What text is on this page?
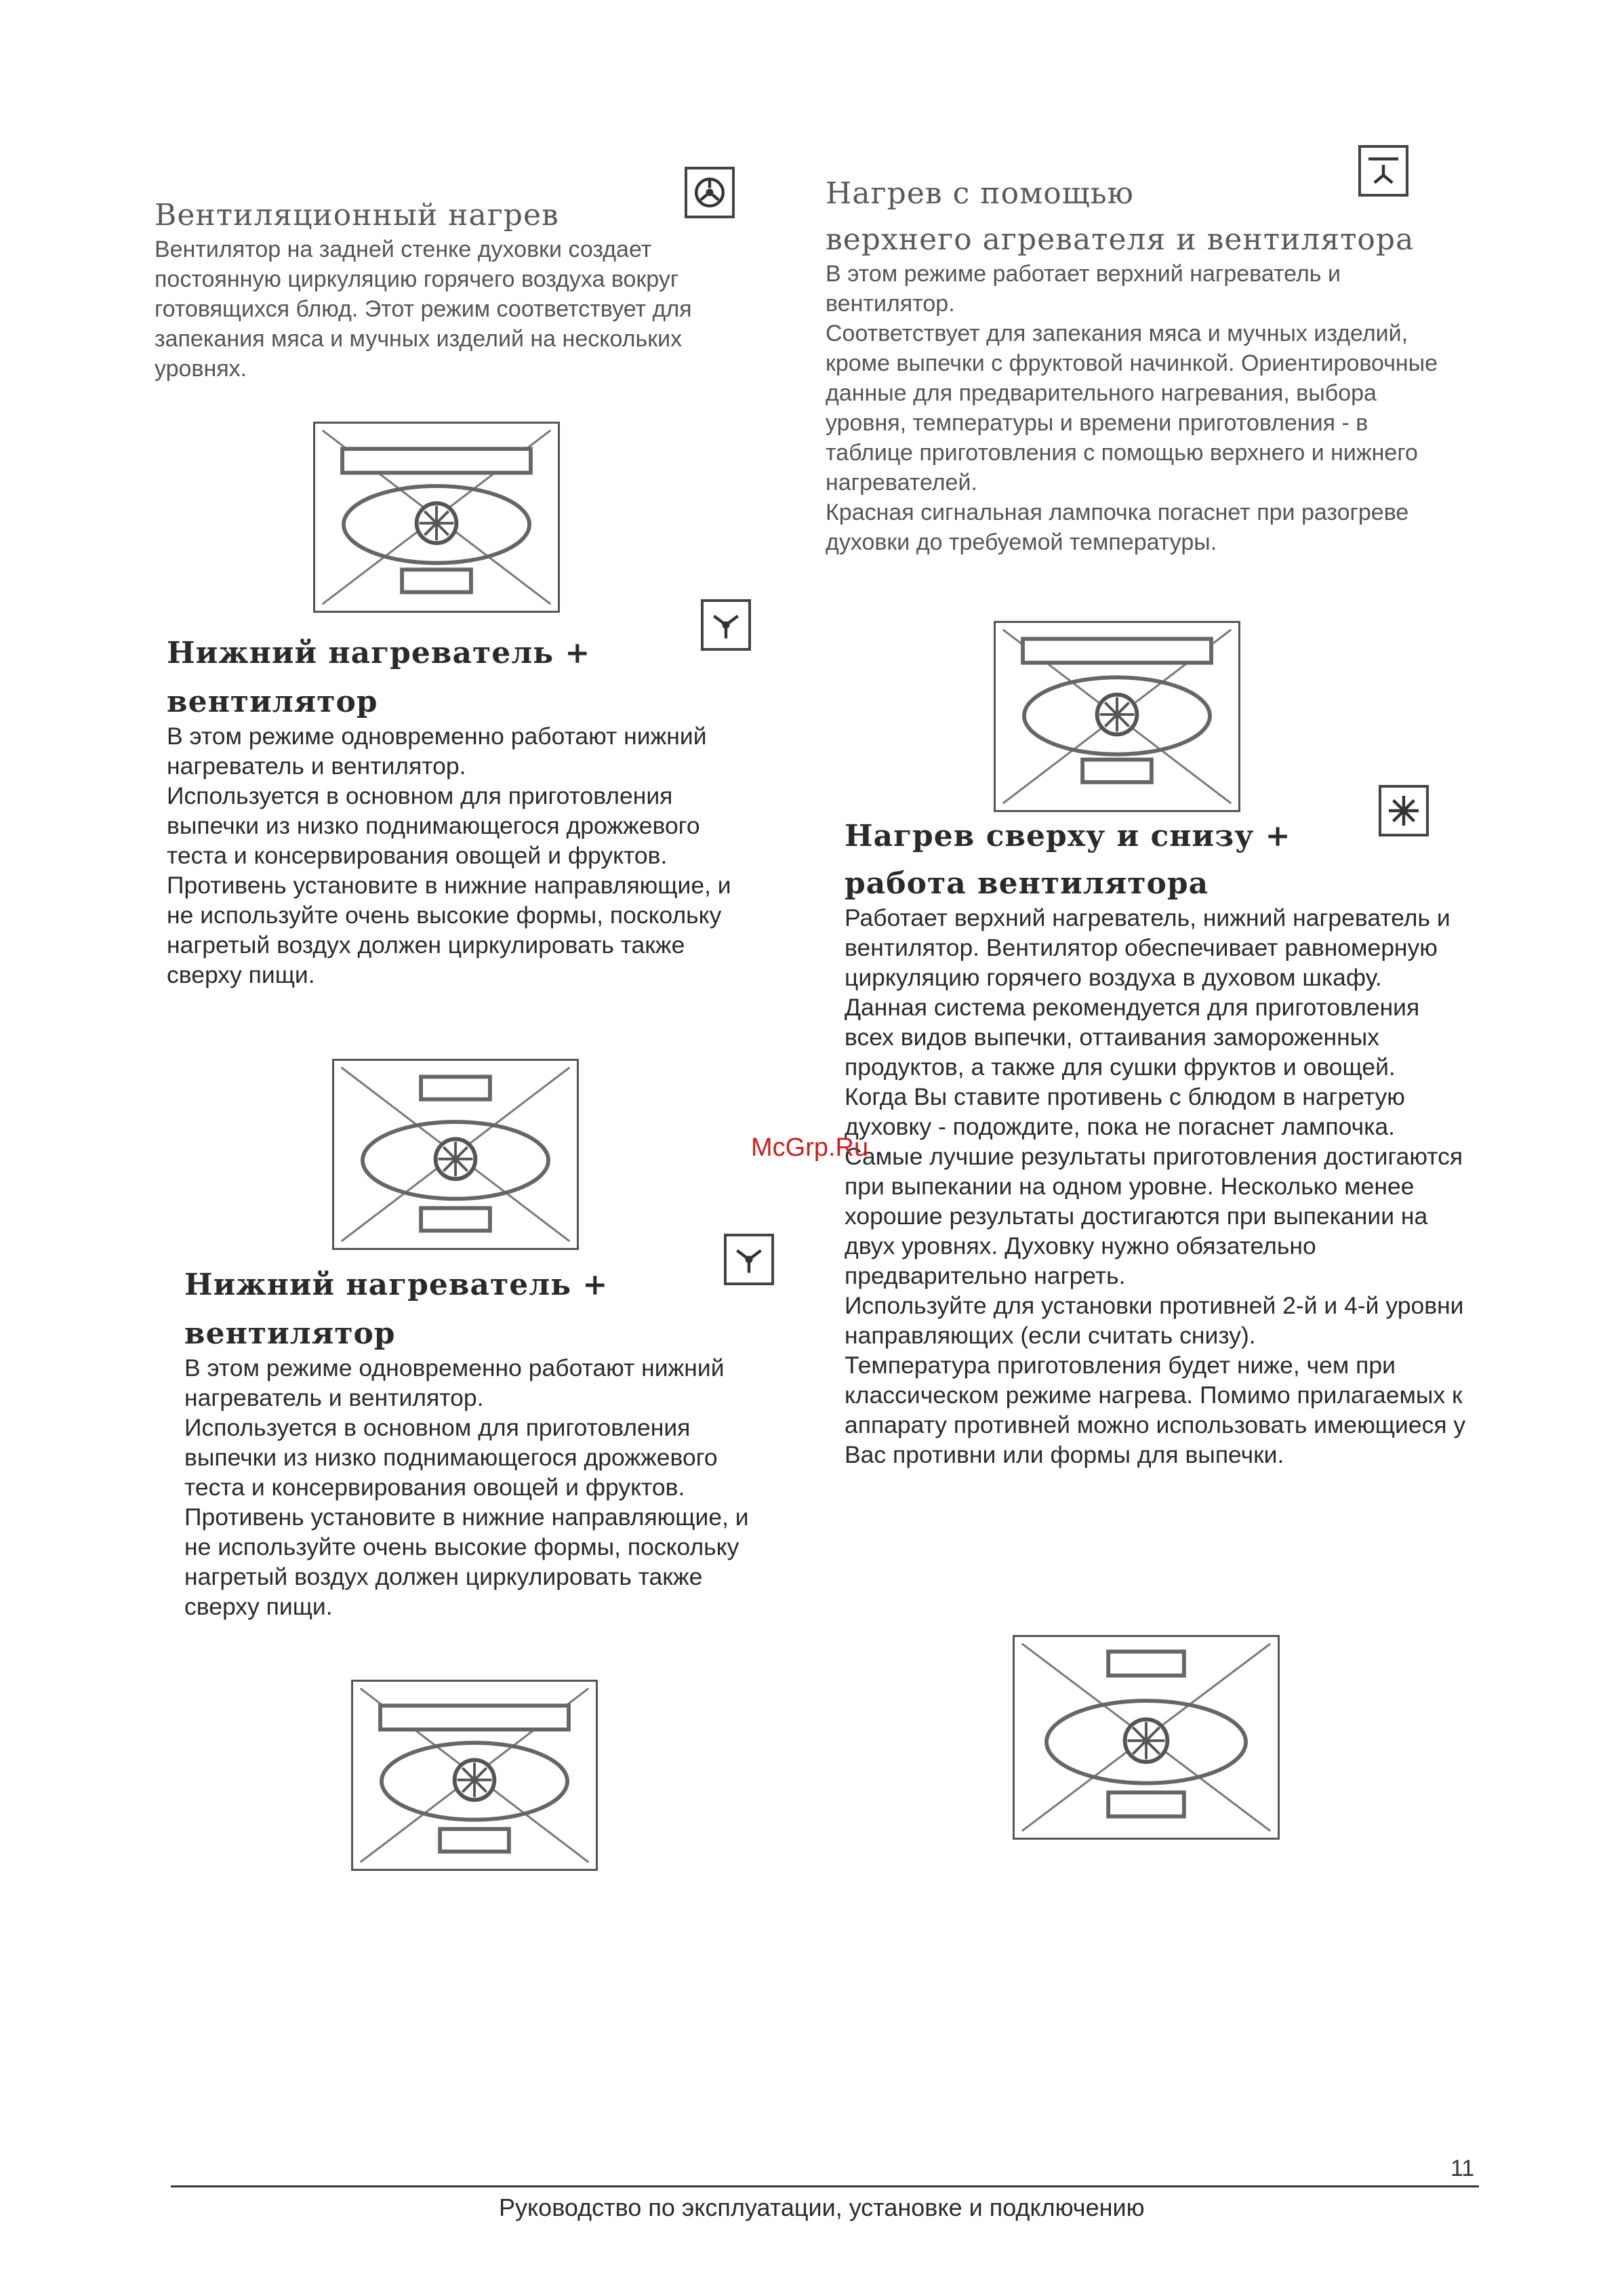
Вентиляционный нагрев
Вентилятор на задней стенке духовки создает постоянную циркуляцию горячего воздуха вокруг готовящихся блюд. Этот режим соответствует для запекания мяса и мучных изделий на нескольких уровнях.
Нижний нагреватель +
вентилятор
В этом режиме одновременно работают нижний нагреватель и вентилятор.
Используется в основном для приготовления выпечки из низко поднимающегося дрожжевого теста и консервирования овощей и фруктов.
Противень установите в нижние направляющие, и не используйте очень высокие формы, поскольку нагретый воздух должен циркулировать также сверху пищи.
Нижний нагреватель +
вентилятор
В этом режиме одновременно работают нижний нагреватель и вентилятор.
Используется в основном для приготовления выпечки из низко поднимающегося дрожжевого теста и консервирования овощей и фруктов.
Противень установите в нижние направляющие, и не используйте очень высокие формы, поскольку нагретый воздух должен циркулировать также сверху пищи.
Нагрев с помощью
верхнего агревателя и вентилятора
В этом режиме работает верхний нагреватель и вентилятор.
Соответствует для запекания мяса и мучных изделий, кроме выпечки с фруктовой начинкой. Ориентировочные данные для предварительного нагревания, выбора уровня, температуры и времени приготовления - в таблице приготовления с помощью верхнего и нижнего нагревателей.
Красная сигнальная лампочка погаснет при разогреве духовки до требуемой температуры.
Нагрев сверху и снизу +
работа вентилятора
Работает верхний нагреватель, нижний нагреватель и вентилятор. Вентилятор обеспечивает равномерную циркуляцию горячего воздуха в духовом шкафу. Данная система рекомендуется для приготовления всех видов выпечки, оттаивания замороженных продуктов, а также для сушки фруктов и овощей.
Когда Вы ставите противень с блюдом в нагретую духовку - подождите, пока не погаснет лампочка. Самые лучшие результаты приготовления достигаются при выпекании на одном уровне. Несколько менее хорошие результаты достигаются при выпекании на двух уровнях. Духовку нужно обязательно предварительно нагреть.
Используйте для установки противней 2-й и 4-й уровни направляющих (если считать снизу).
Температура приготовления будет ниже, чем при классическом режиме нагрева. Помимо прилагаемых к аппарату противней можно использовать имеющиеся у Вас противни или формы для выпечки.
McGrp.Ru
11
Руководство по эксплуатации, установке и подключению
